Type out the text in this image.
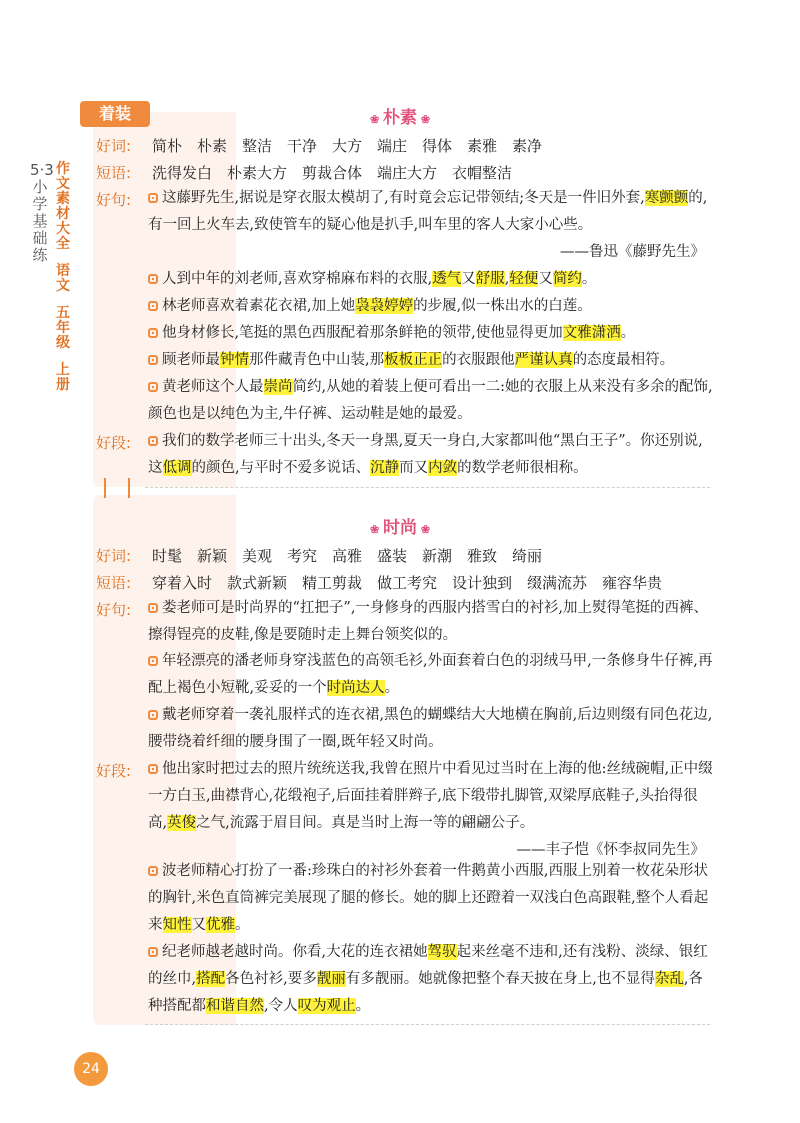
5·3小学基础练
作文素材大全
语文
五年级
上册
着装	❀ 朴素 ❀
好词: 简朴　朴素　整洁　干净　大方　端庄　得体　素雅　素净
短语: 洗得发白　朴素大方　剪裁合体　端庄大方　衣帽整洁
好句:	这藤野先生,据说是穿衣服太模胡了,有时竟会忘记带领结;冬天是一件旧外套,寒颤颤的,有一回上火车去,致使管车的疑心他是扒手,叫车里的客人大家小心些。
——鲁迅《藤野先生》
人到中年的刘老师,喜欢穿棉麻布料的衣服,透气又舒服,轻便又简约。
林老师喜欢着素花衣裙,加上她袅袅婷婷的步履,似一株出水的白莲。
他身材修长,笔挺的黑色西服配着那条鲜艳的领带,使他显得更加文雅潇洒。
顾老师最钟情那件藏青色中山装,那板板正正的衣服跟他严谨认真的态度最相符。
黄老师这个人最崇尚简约,从她的着装上便可看出一二:她的衣服上从来没有多余的配饰,颜色也是以纯色为主,牛仔裤、运动鞋是她的最爱。
好段:	我们的数学老师三十出头,冬天一身黑,夏天一身白,大家都叫他“黑白王子”。你还别说,这低调的颜色,与平时不爱多说话、沉静而又内敛的数学老师很相称。
❀ 时尚 ❀
好词: 时髦　新颖　美观　考究　高雅　盛装　新潮　雅致　绮丽
短语: 穿着入时　款式新颖　精工剪裁　做工考究　设计独到　缀满流苏　雍容华贵
好句:	娄老师可是时尚界的“扛把子”,一身修身的西服内搭雪白的衬衫,加上熨得笔挺的西裤、擦得锃亮的皮鞋,像是要随时走上舞台领奖似的。
年轻漂亮的潘老师身穿浅蓝色的高领毛衫,外面套着白色的羽绒马甲,一条修身牛仔裤,再配上褐色小短靴,妥妥的一个时尚达人。
戴老师穿着一袭礼服样式的连衣裙,黑色的蝴蝶结大大地横在胸前,后边则缀有同色花边,腰带绕着纤细的腰身围了一圈,既年轻又时尚。
好段:	他出家时把过去的照片统统送我,我曾在照片中看见过当时在上海的他:丝绒碗帽,正中缀一方白玉,曲襟背心,花缎袍子,后面挂着胖辫子,底下缎带扎脚管,双梁厚底鞋子,头抬得很高,英俊之气,流露于眉目间。真是当时上海一等的翩翩公子。
——丰子恺《怀李叔同先生》
波老师精心打扮了一番:珍珠白的衬衫外套着一件鹅黄小西服,西服上别着一枚花朵形状的胸针,米色直筒裤完美展现了腿的修长。她的脚上还蹬着一双浅白色高跟鞋,整个人看起来知性又优雅。
纪老师越老越时尚。你看,大花的连衣裙她驾驭起来丝毫不违和,还有浅粉、淡绿、银红的丝巾,搭配各色衬衫,要多靓丽有多靓丽。她就像把整个春天披在身上,也不显得杂乱,各种搭配都和谐自然,令人叹为观止。
24
